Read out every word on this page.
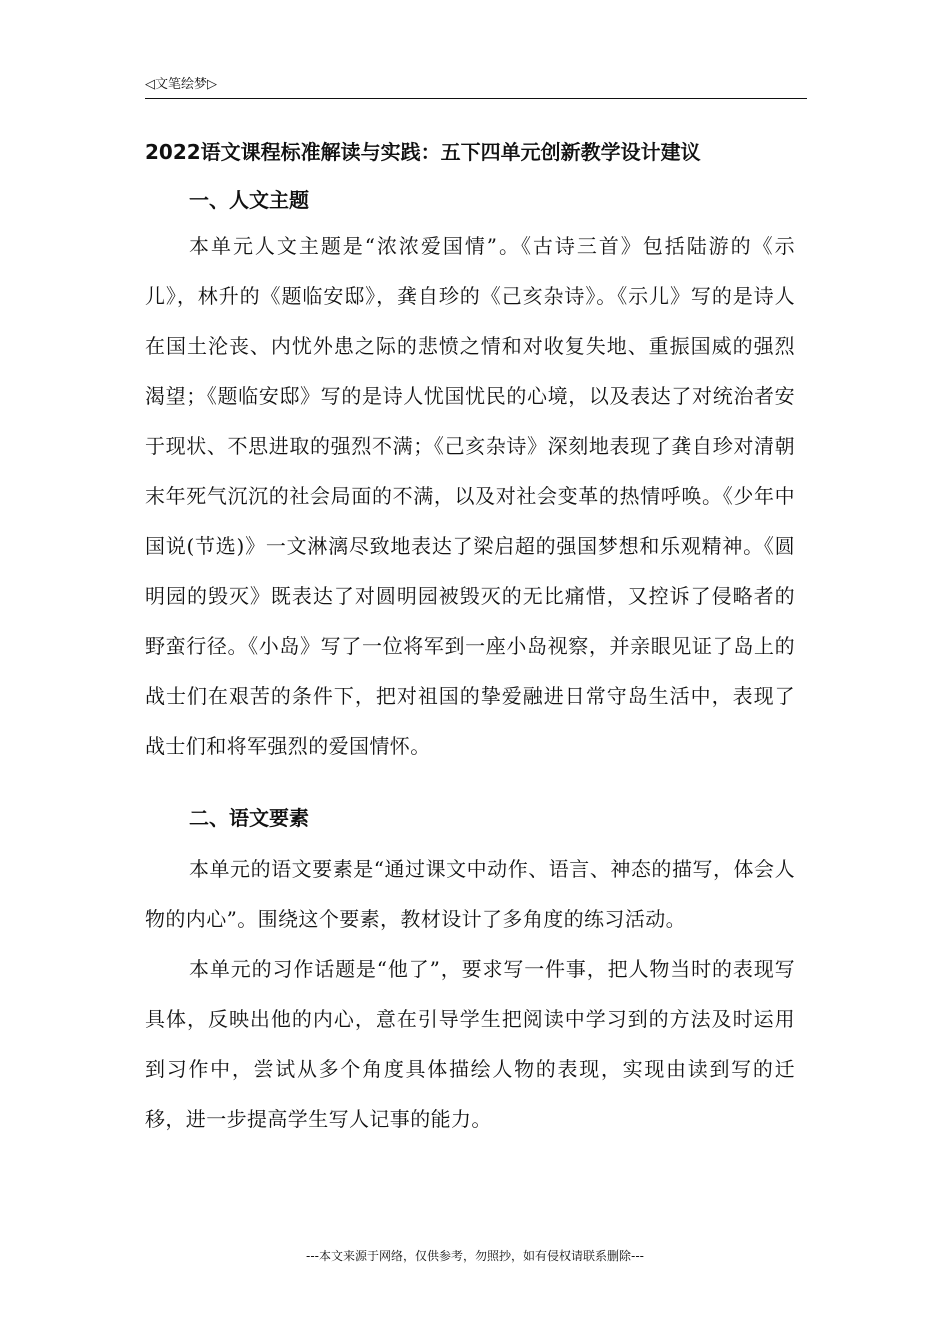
◁文笔绘梦▷
2022语文课程标准解读与实践：五下四单元创新教学设计建议
一、人文主题

本单元人文主题是“浓浓爱国情”。《古诗三首》包括陆游的《示儿》，林升的《题临安邸》，龚自珍的《己亥杂诗》。《示儿》写的是诗人在国土沦丧、内忧外患之际的悲愤之情和对收复失地、重振国威的强烈渴望；《题临安邸》写的是诗人忧国忧民的心境，以及表达了对统治者安于现状、不思进取的强烈不满；《己亥杂诗》深刻地表现了龚自珍对清朝末年死气沉沉的社会局面的不满，以及对社会变革的热情呼唤。《少年中国说(节选)》一文淋漓尽致地表达了梁启超的强国梦想和乐观精神。《圆明园的毁灭》既表达了对圆明园被毁灭的无比痛惜，又控诉了侵略者的野蛮行径。《小岛》写了一位将军到一座小岛视察，并亲眼见证了岛上的战士们在艰苦的条件下，把对祖国的挚爱融进日常守岛生活中，表现了战士们和将军强烈的爱国情怀。

二、语文要素

本单元的语文要素是“通过课文中动作、语言、神态的描写，体会人物的内心”。围绕这个要素，教材设计了多角度的练习活动。

本单元的习作话题是“他了”，要求写一件事，把人物当时的表现写具体，反映出他的内心，意在引导学生把阅读中学习到的方法及时运用到习作中，尝试从多个角度具体描绘人物的表现，实现由读到写的迁移，进一步提高学生写人记事的能力。

---本文来源于网络，仅供参考，勿照抄，如有侵权请联系删除---
